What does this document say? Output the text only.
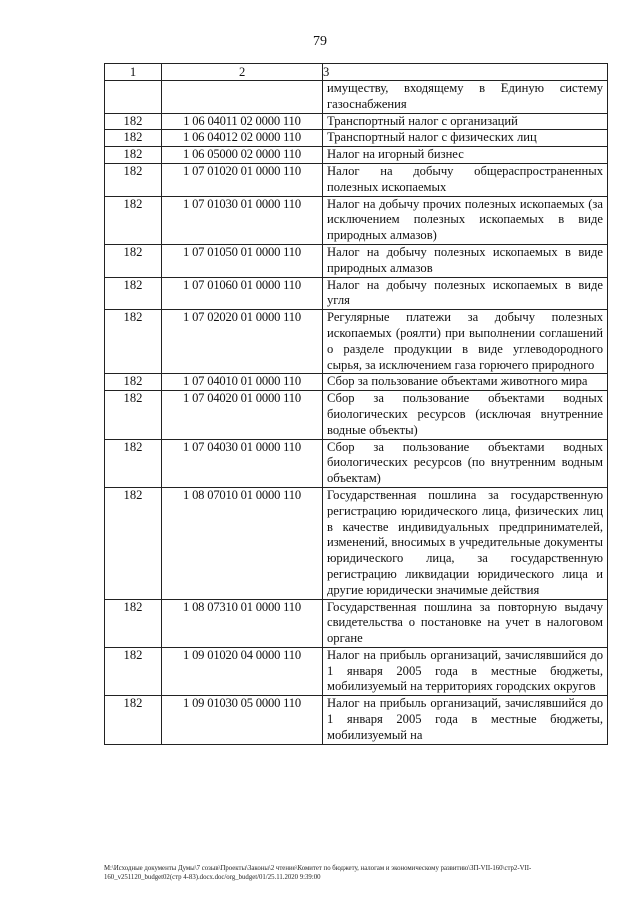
79
1	2	3
		имуществу, входящему в Единую систему газоснабжения
182	1 06 04011 02 0000 110	Транспортный налог с организаций
182	1 06 04012 02 0000 110	Транспортный налог с физических лиц
182	1 06 05000 02 0000 110	Налог на игорный бизнес
182	1 07 01020 01 0000 110	Налог на добычу общераспространенных полезных ископаемых
182	1 07 01030 01 0000 110	Налог на добычу прочих полезных ископаемых (за исключением полезных ископаемых в виде природных алмазов)
182	1 07 01050 01 0000 110	Налог на добычу полезных ископаемых в виде природных алмазов
182	1 07 01060 01 0000 110	Налог на добычу полезных ископаемых в виде угля
182	1 07 02020 01 0000 110	Регулярные платежи за добычу полезных ископаемых (роялти) при выполнении соглашений о разделе продукции в виде углеводородного сырья, за исключением газа горючего природного
182	1 07 04010 01 0000 110	Сбор за пользование объектами животного мира
182	1 07 04020 01 0000 110	Сбор за пользование объектами водных биологических ресурсов (исключая внутренние водные объекты)
182	1 07 04030 01 0000 110	Сбор за пользование объектами водных биологических ресурсов (по внутренним водным объектам)
182	1 08 07010 01 0000 110	Государственная пошлина за государственную регистрацию юридического лица, физических лиц в качестве индивидуальных предпринимателей, изменений, вносимых в учредительные документы юридического лица, за государственную регистрацию ликвидации юридического лица и другие юридически значимые действия
182	1 08 07310 01 0000 110	Государственная пошлина за повторную выдачу свидетельства о постановке на учет в налоговом органе
182	1 09 01020 04 0000 110	Налог на прибыль организаций, зачислявшийся до 1 января 2005 года в местные бюджеты, мобилизуемый на территориях городских округов
182	1 09 01030 05 0000 110	Налог на прибыль организаций, зачислявшийся до 1 января 2005 года в местные бюджеты, мобилизуемый на
M:\Исходные документы Думы\7 созыв\Проекты\Законы\2 чтение\Комитет по бюджету, налогам и экономическому развитию\ЗП-VII-160\стр2-VII-
160_v251120_budget02(стр 4-83).docx.doc/org_budget/01/25.11.2020 9:39:00
